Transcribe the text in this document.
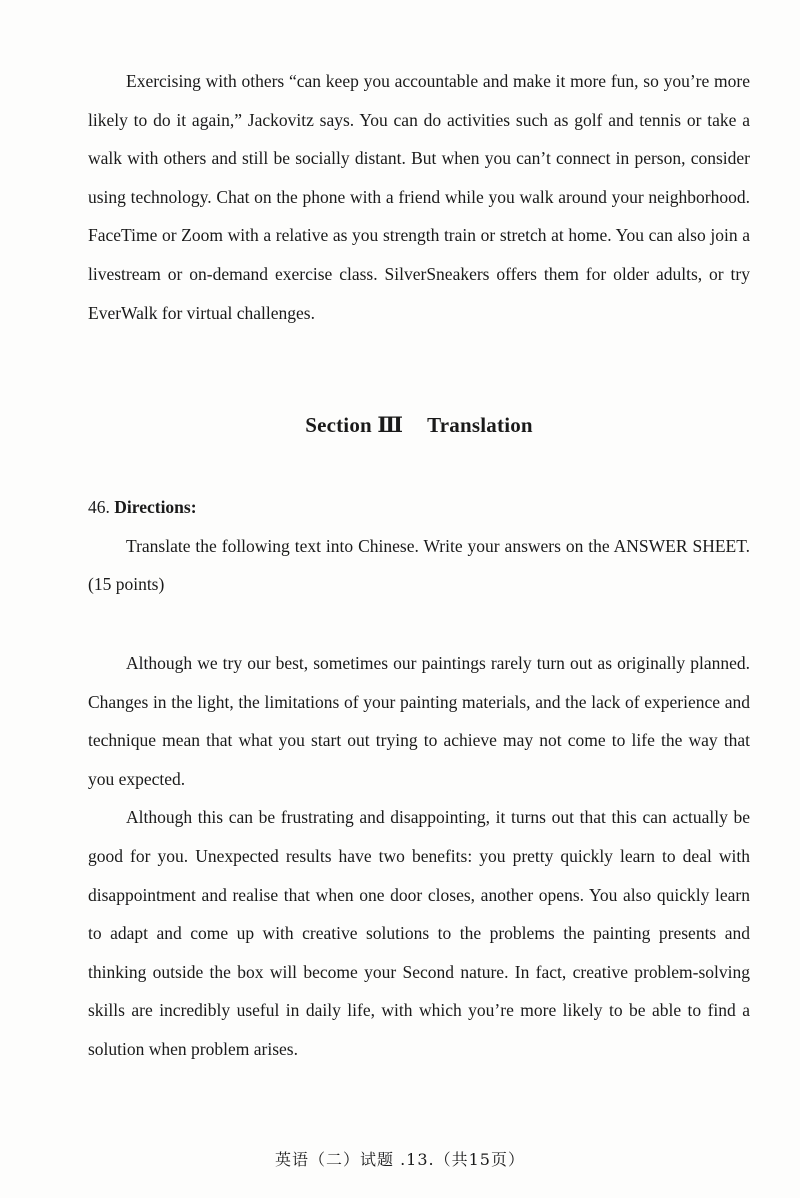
Exercising with others “can keep you accountable and make it more fun, so you’re more likely to do it again,” Jackovitz says. You can do activities such as golf and tennis or take a walk with others and still be socially distant. But when you can’t connect in person, consider using technology. Chat on the phone with a friend while you walk around your neighborhood. FaceTime or Zoom with a relative as you strength train or stretch at home. You can also join a livestream or on-demand exercise class. SilverSneakers offers them for older adults, or try EverWalk for virtual challenges.

Section Ⅲ Translation

46. Directions:

Translate the following text into Chinese. Write your answers on the ANSWER SHEET. (15 points)

Although we try our best, sometimes our paintings rarely turn out as originally planned. Changes in the light, the limitations of your painting materials, and the lack of experience and technique mean that what you start out trying to achieve may not come to life the way that you expected.

Although this can be frustrating and disappointing, it turns out that this can actually be good for you. Unexpected results have two benefits: you pretty quickly learn to deal with disappointment and realise that when one door closes, another opens. You also quickly learn to adapt and come up with creative solutions to the problems the painting presents and thinking outside the box will become your Second nature. In fact, creative problem-solving skills are incredibly useful in daily life, with which you’re more likely to be able to find a solution when problem arises.

英语（二）试题 .13.（共15页）
